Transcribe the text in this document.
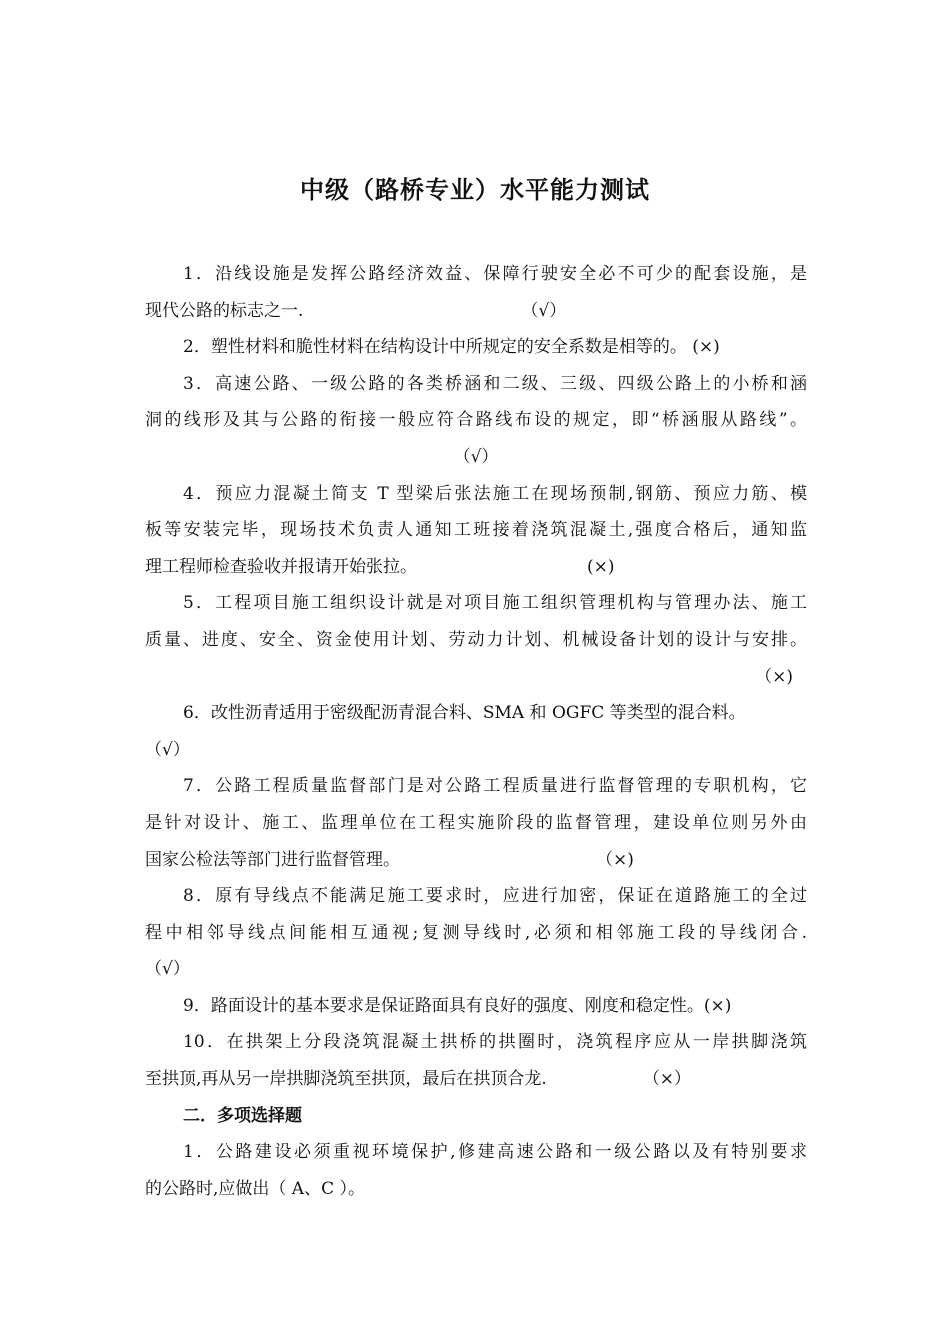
中级（路桥专业）水平能力测试
1．沿线设施是发挥公路经济效益、保障行驶安全必不可少的配套设施，是
现代公路的标志之一.	（√）
2．塑性材料和脆性材料在结构设计中所规定的安全系数是相等的。 (×)
3．高速公路、一级公路的各类桥涵和二级、三级、四级公路上的小桥和涵
洞的线形及其与公路的衔接一般应符合路线布设的规定，即“桥涵服从路线”。
（√）
4．预应力混凝土简支 T 型梁后张法施工在现场预制,钢筋、预应力筋、模
板等安装完毕，现场技术负责人通知工班接着浇筑混凝土,强度合格后，通知监
理工程师检查验收并报请开始张拉。	(×)
5．工程项目施工组织设计就是对项目施工组织管理机构与管理办法、施工
质量、进度、安全、资金使用计划、劳动力计划、机械设备计划的设计与安排。
（×)
6．改性沥青适用于密级配沥青混合料、SMA 和 OGFC 等类型的混合料。
（√）
7．公路工程质量监督部门是对公路工程质量进行监督管理的专职机构，它
是针对设计、施工、监理单位在工程实施阶段的监督管理，建设单位则另外由
国家公检法等部门进行监督管理。	（×)
8．原有导线点不能满足施工要求时，应进行加密，保证在道路施工的全过
程中相邻导线点间能相互通视;复测导线时,必须和相邻施工段的导线闭合.
（√）
9．路面设计的基本要求是保证路面具有良好的强度、刚度和稳定性。(×)
10．在拱架上分段浇筑混凝土拱桥的拱圈时，浇筑程序应从一岸拱脚浇筑
至拱顶,再从另一岸拱脚浇筑至拱顶，最后在拱顶合龙.	（×）
二．多项选择题
1．公路建设必须重视环境保护,修建高速公路和一级公路以及有特别要求
的公路时,应做出（ A、C ）。
